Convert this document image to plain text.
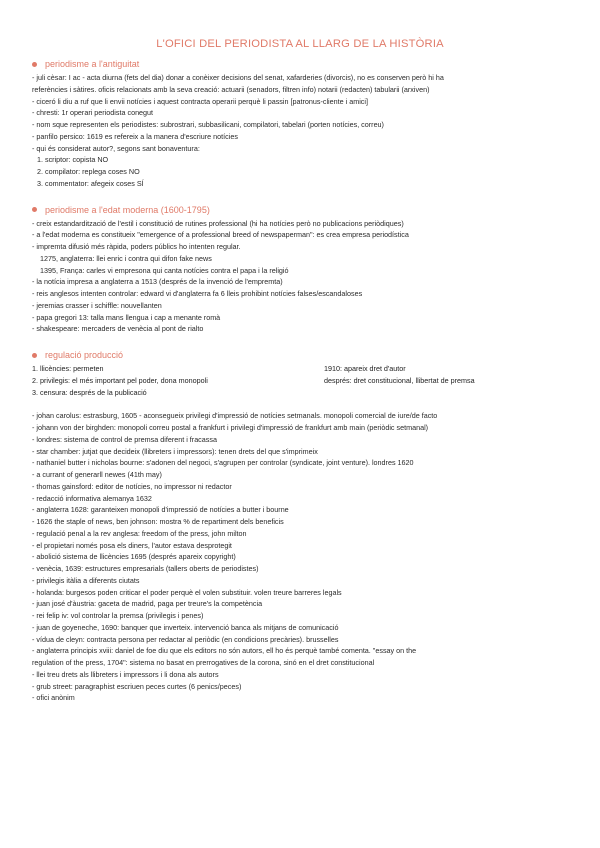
L'OFICI DEL PERIODISTA AL LLARG DE LA HISTÒRIA
periodisme a l'antiguitat
- juli cèsar: I ac - acta diurna (fets del dia) donar a conèixer decisions del senat, xafarderies (divorcis), no es conserven però hi ha
referències i sàtires. oficis relacionats amb la seva creació: actuarii (senadors, filtren info) notarii (redacten) tabularii (arxiven)
- ciceró li diu a ruf que li envii notícies i aquest contracta operarii perquè li passin [patronus-cliente i amici]
- chresti: 1r operari periodista conegut
- nom sque representen els periodistes: subrostrari, subbasilicani, compilatori, tabelari (porten notícies, correu)
- panfilo persico: 1619 es refereix a la manera d'escriure notícies
- qui és considerat autor?, segons sant bonaventura:
1. scriptor: copista NO
2. compilator: replega coses NO
3. commentator: afegeix coses SÍ
periodisme a l'edat moderna (1600-1795)
- creix estandardització de l'estil i constitució de rutines professional (hi ha notícies però no publicacions periòdiques)
- a l'edat moderna es constitueix "emergence of a professional breed of newspaperman": es crea empresa periodística
- impremta difusió més ràpida, poders públics ho intenten regular.
1275, anglaterra: llei enric i contra qui difon fake news
1395, França: carles vi empresona qui canta notícies contra el papa i la religió
- la notícia impresa a anglaterra a 1513 (després de la invenció de l'empremta)
- reis anglesos intenten controlar: edward vi d'anglaterra fa 6 lleis prohibint notícies falses/escandaloses
- jeremias crasser i schiffle: nouvellanten
- papa gregori 13: talla mans llengua i cap a menante romà
- shakespeare: mercaders de venècia al pont de rialto
regulació producció
1. llicències: permeten
2. privilegis: el més important pel poder, dona monopoli
3. censura: després de la publicació
1910: apareix dret d'autor
després: dret constitucional, llibertat de premsa
- johan carolus: estrasburg, 1605 - aconsegueix privilegi d'impressió de notícies setmanals. monopoli comercial de iure/de facto
- johann von der birghden: monopoli correu postal a frankfurt i privilegi d'impressió de frankfurt amb main (periòdic setmanal)
- londres: sistema de control de premsa diferent i fracassa
- star chamber: jutjat que decideix (llibreters i impressors): tenen drets del que s'imprimeix
- nathaniel butter i nicholas bourne: s'adonen del negoci, s'agrupen per controlar (syndicate, joint venture). londres 1620
- a currant of generarll newes (41th may)
- thomas gainsford: editor de notícies, no impressor ni redactor
- redacció informativa alemanya 1632
- anglaterra 1628: garanteixen monopoli d'impressió de notícies a butter i bourne
- 1626 the staple of news, ben johnson: mostra % de repartiment dels beneficis
- regulació penal a la rev anglesa: freedom of the press, john milton
- el propietari només posa els diners, l'autor estava desprotegit
- abolició sistema de llicències 1695 (després apareix copyright)
- venècia, 1639: estructures empresarials (tallers oberts de periodistes)
- privilegis itàlia a diferents ciutats
- holanda: burgesos poden criticar el poder perquè el volen substituir. volen treure barreres legals
- juan josé d'àustria: gaceta de madrid, paga per treure's la competència
- rei felip iv: vol controlar la premsa (privilegis i penes)
- juan de goyeneche, 1690: banquer que inverteix. intervenció banca als mitjans de comunicació
- vídua de cleyn: contracta persona per redactar al periòdic (en condicions precàries). brusselles
- anglaterra principis xviii: daniel de foe diu que els editors no són autors, ell ho és perquè també comenta. "essay on the
regulation of the press, 1704": sistema no basat en prerrogatives de la corona, sinó en el dret constitucional
- llei treu drets als llibreters i impressors i li dona als autors
- grub street: paragraphist escriuen peces curtes (6 penics/peces)
- ofici anònim
